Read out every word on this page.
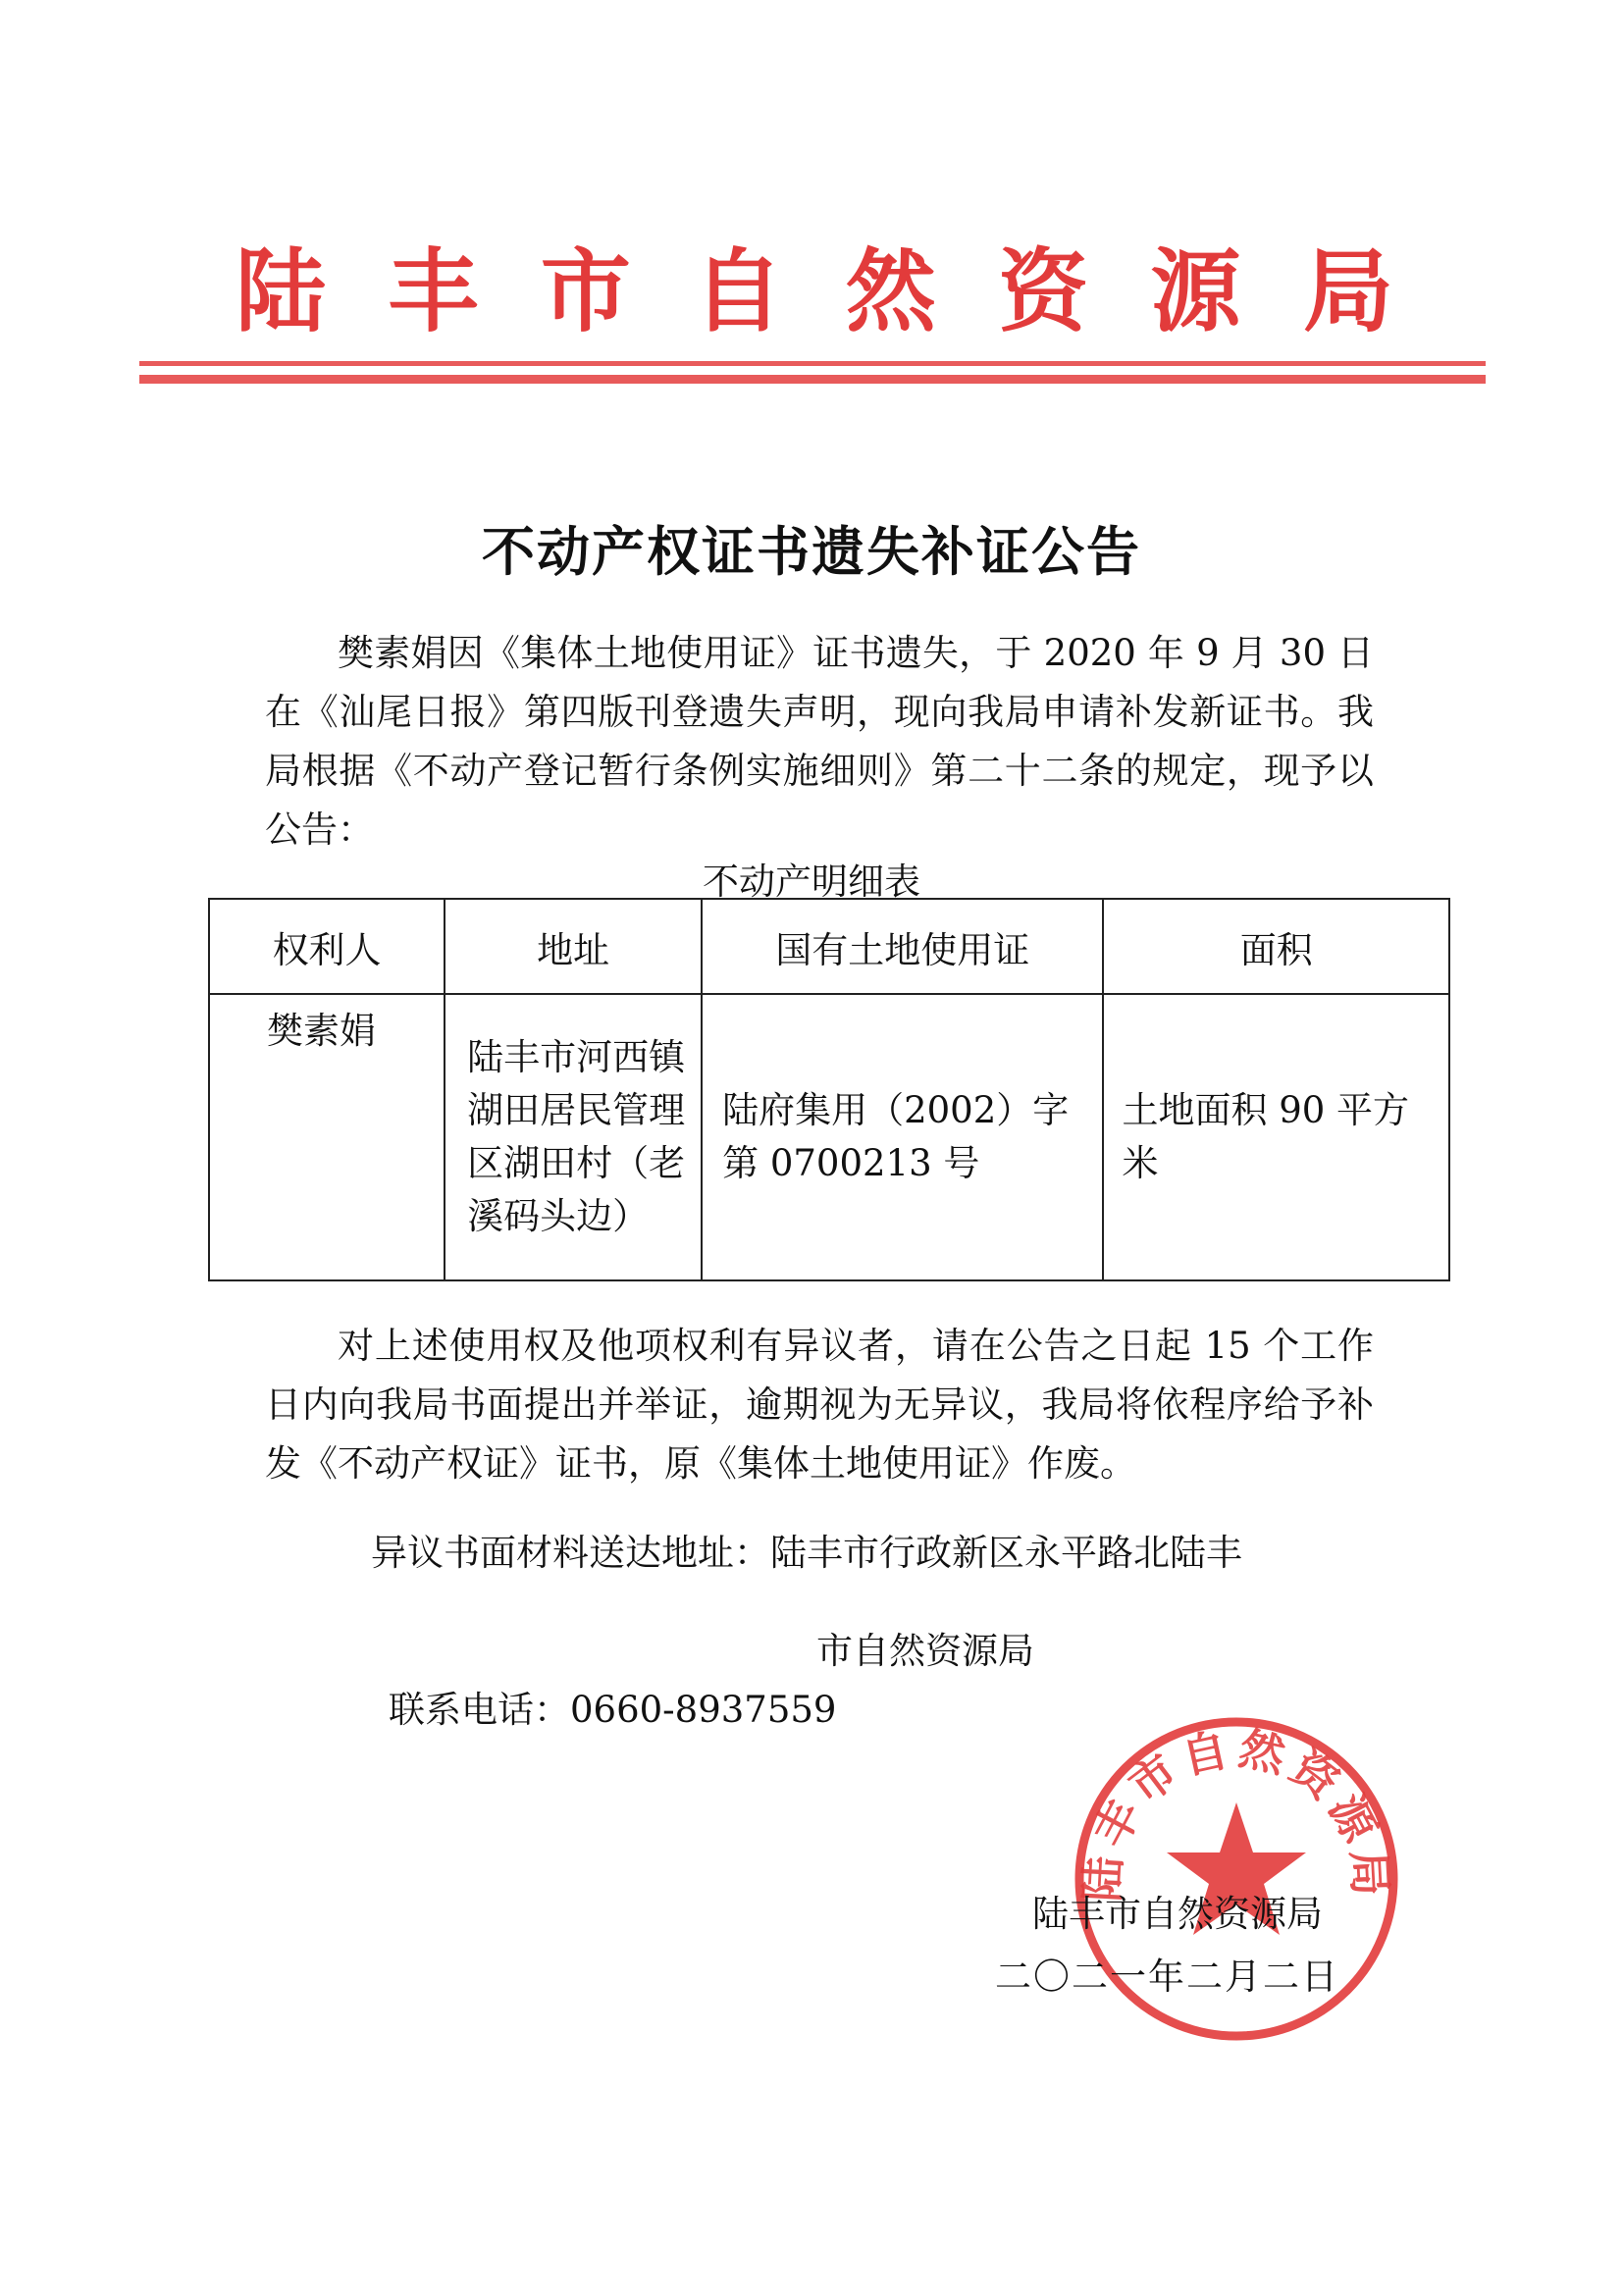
陆 丰 市 自 然 资 源 局
不动产权证书遗失补证公告
樊素娟因《集体土地使用证》证书遗失，于 2020 年 9 月 30 日在《汕尾日报》第四版刊登遗失声明，现向我局申请补发新证书。我局根据《不动产登记暂行条例实施细则》第二十二条的规定，现予以公告：
不动产明细表
权利人	地址	国有土地使用证	面积
樊素娟	陆丰市河西镇湖田居民管理区湖田村（老溪码头边）	陆府集用（2002）字第 0700213 号	土地面积 90 平方米
对上述使用权及他项权利有异议者，请在公告之日起 15 个工作日内向我局书面提出并举证，逾期视为无异议，我局将依程序给予补发《不动产权证》证书，原《集体土地使用证》作废。
异议书面材料送达地址：陆丰市行政新区永平路北陆丰
市自然资源局
联系电话：0660-8937559
陆丰市自然资源局
陆丰市自然资源局
二〇二一年二月二日
